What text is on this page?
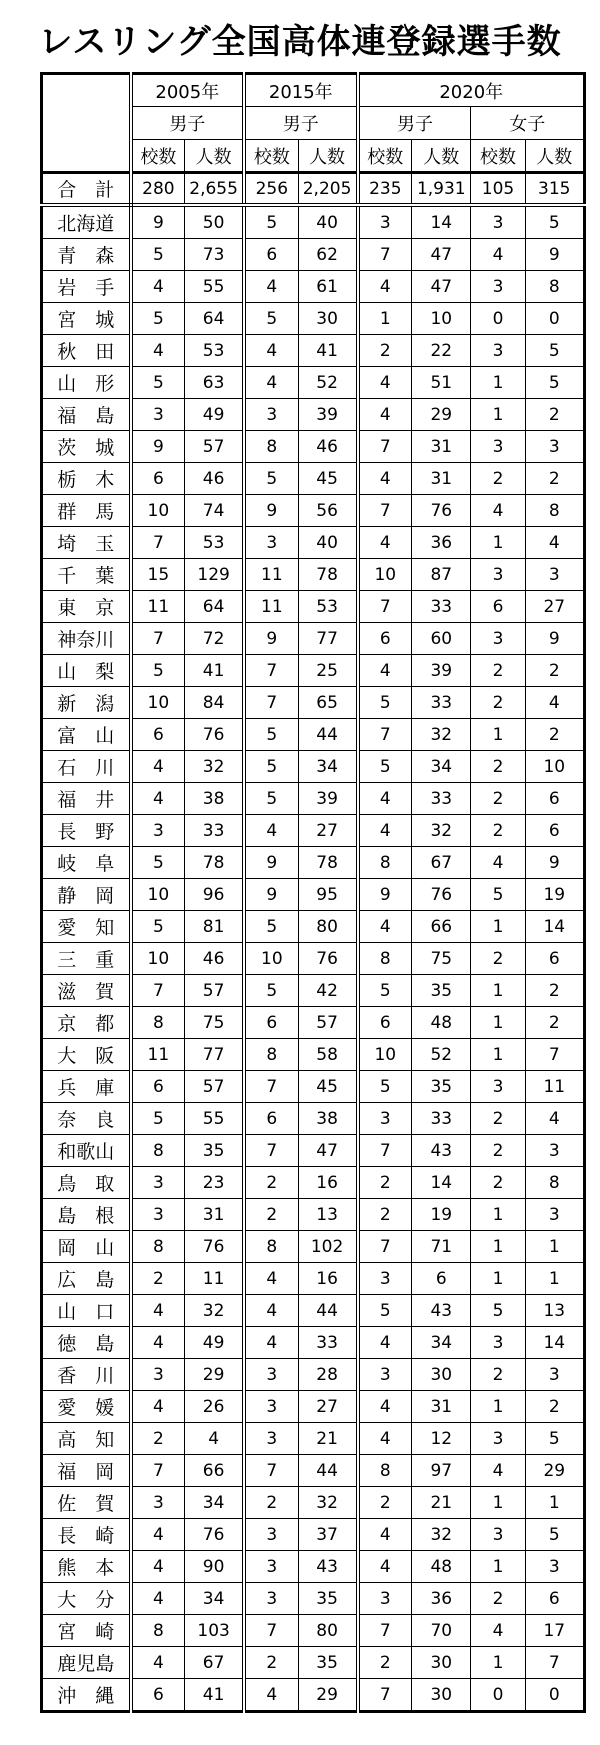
レスリング全国高体連登録選手数
	2005年		2015年		2020年			
	男子		男子		男子		女子	
	校数	人数	校数	人数	校数	人数	校数	人数
合　計	280	2,655	256	2,205	235	1,931	105	315
北海道	9	50	5	40	3	14	3	5
青　森	5	73	6	62	7	47	4	9
岩　手	4	55	4	61	4	47	3	8
宮　城	5	64	5	30	1	10	0	0
秋　田	4	53	4	41	2	22	3	5
山　形	5	63	4	52	4	51	1	5
福　島	3	49	3	39	4	29	1	2
茨　城	9	57	8	46	7	31	3	3
栃　木	6	46	5	45	4	31	2	2
群　馬	10	74	9	56	7	76	4	8
埼　玉	7	53	3	40	4	36	1	4
千　葉	15	129	11	78	10	87	3	3
東　京	11	64	11	53	7	33	6	27
神奈川	7	72	9	77	6	60	3	9
山　梨	5	41	7	25	4	39	2	2
新　潟	10	84	7	65	5	33	2	4
富　山	6	76	5	44	7	32	1	2
石　川	4	32	5	34	5	34	2	10
福　井	4	38	5	39	4	33	2	6
長　野	3	33	4	27	4	32	2	6
岐　阜	5	78	9	78	8	67	4	9
静　岡	10	96	9	95	9	76	5	19
愛　知	5	81	5	80	4	66	1	14
三　重	10	46	10	76	8	75	2	6
滋　賀	7	57	5	42	5	35	1	2
京　都	8	75	6	57	6	48	1	2
大　阪	11	77	8	58	10	52	1	7
兵　庫	6	57	7	45	5	35	3	11
奈　良	5	55	6	38	3	33	2	4
和歌山	8	35	7	47	7	43	2	3
鳥　取	3	23	2	16	2	14	2	8
島　根	3	31	2	13	2	19	1	3
岡　山	8	76	8	102	7	71	1	1
広　島	2	11	4	16	3	6	1	1
山　口	4	32	4	44	5	43	5	13
徳　島	4	49	4	33	4	34	3	14
香　川	3	29	3	28	3	30	2	3
愛　媛	4	26	3	27	4	31	1	2
高　知	2	4	3	21	4	12	3	5
福　岡	7	66	7	44	8	97	4	29
佐　賀	3	34	2	32	2	21	1	1
長　崎	4	76	3	37	4	32	3	5
熊　本	4	90	3	43	4	48	1	3
大　分	4	34	3	35	3	36	2	6
宮　崎	8	103	7	80	7	70	4	17
鹿児島	4	67	2	35	2	30	1	7
沖　縄	6	41	4	29	7	30	0	0
